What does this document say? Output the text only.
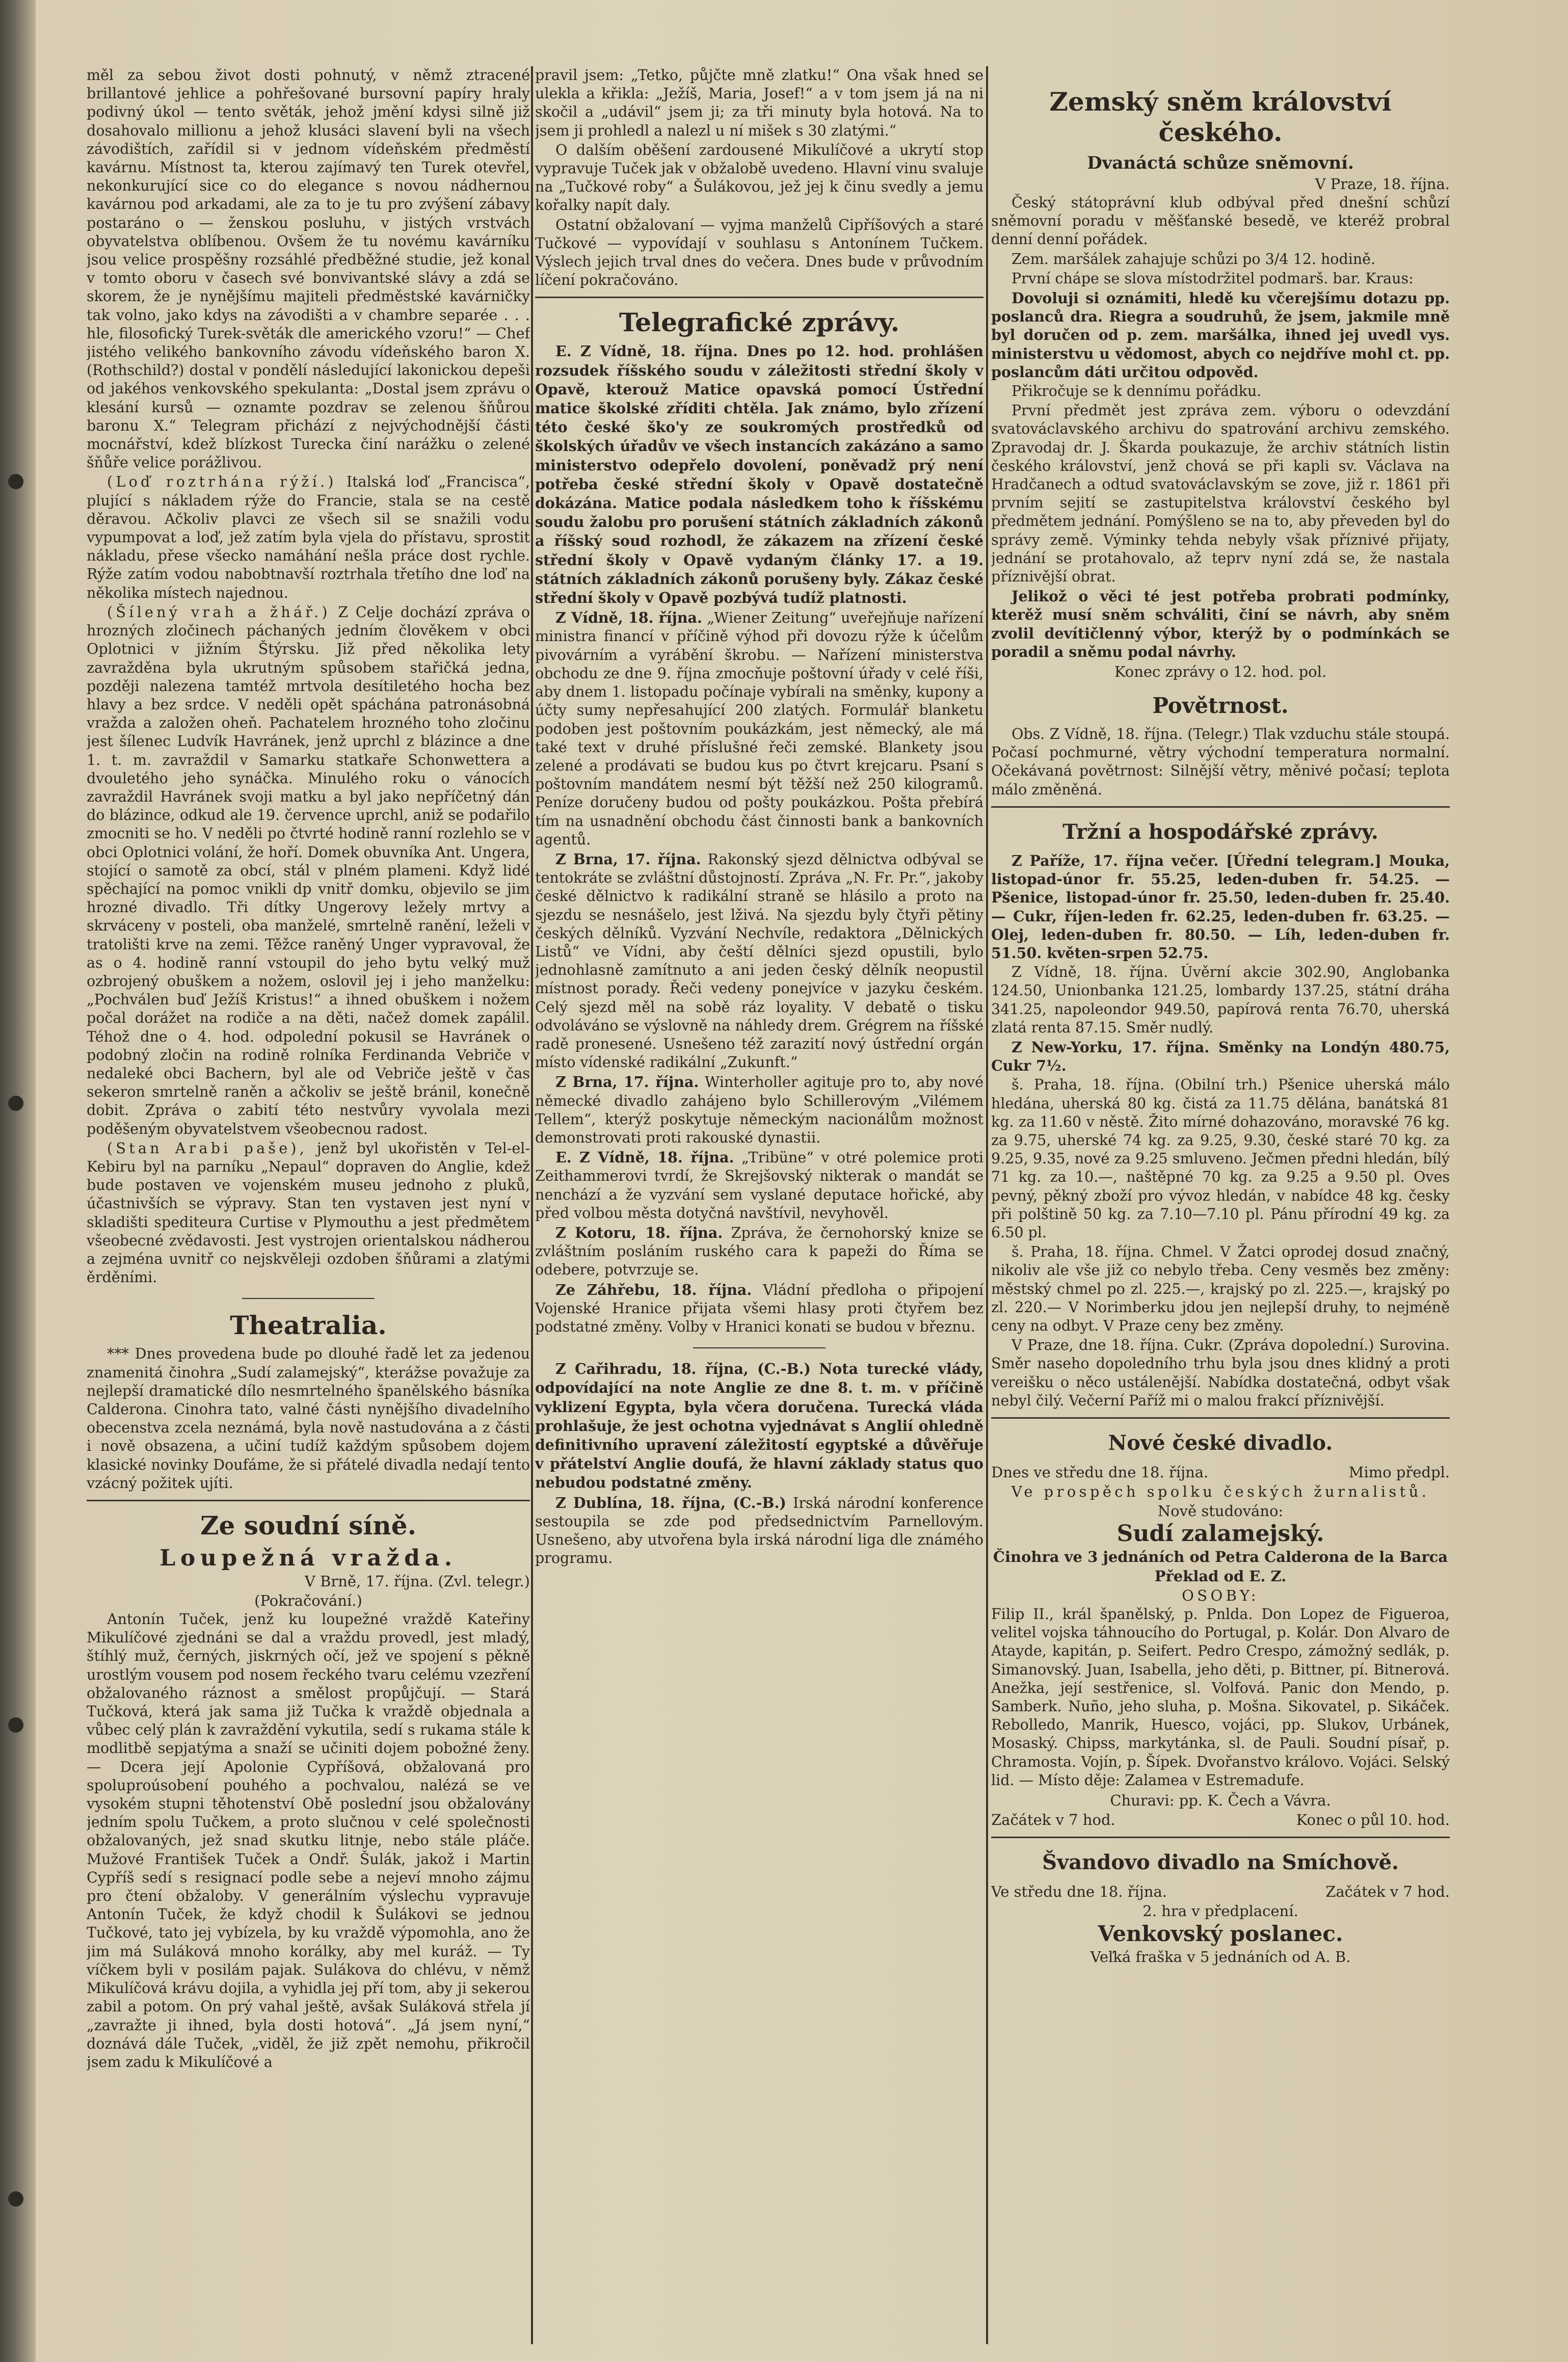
měl za sebou život dosti pohnutý, v němž ztracené brillantové jehlice a pohřešované bursovní papíry hraly podivný úkol — tento světák, jehož jmění kdysi silně již dosahovalo millionu a jehož klusáci slavení byli na všech závodištích, zařídil si v jednom vídeňském předměstí kavárnu. Místnost ta, kterou zajímavý ten Turek otevřel, nekonkurující sice co do elegance s novou nádhernou kavárnou pod arkadami, ale za to je tu pro zvýšení zábavy postaráno o — ženskou posluhu, v jistých vrstvách obyvatelstva oblíbenou. Ovšem že tu novému kavárníku jsou velice prospěšny rozsáhlé předběžné studie, jež konal v tomto oboru v časech své bonvivantské slávy a zdá se skorem, že je nynějšímu majiteli předměstské kavárničky tak volno, jako kdys na závodišti a v chambre separée . . . hle, filosofický Turek-světák dle amerického vzoru!“ — Chef jistého velikého bankovního závodu vídeňského baron X. (Rothschild?) dostal v pondělí následující lakonickou depeši od jakéhos venkovského spekulanta: „Dostal jsem zprávu o klesání kursů — oznamte pozdrav se zelenou šňůrou baronu X.“ Telegram přichází z nejvýchodnější části mocnářství, kdež blízkost Turecka činí narážku o zelené šňůře velice porážlivou.

(Loď roztrhána rýží.) Italská loď „Francisca“, plující s nákladem rýže do Francie, stala se na cestě děravou. Ačkoliv plavci ze všech sil se snažili vodu vypumpovat a loď, jež zatím byla vjela do přístavu, sprostit nákladu, přese všecko namáhání nešla práce dost rychle. Rýže zatím vodou nabobtnavší roztrhala třetího dne loď na několika místech najednou.

(Šílený vrah a žhář.) Z Celje dochází zpráva o hrozných zločinech páchaných jedním člověkem v obci Oplotnici v jižním Štýrsku. Již před několika lety zavražděna byla ukrutným spůsobem stařičká jedna, později nalezena tamtéž mrtvola desítiletého hocha bez hlavy a bez srdce. V neděli opět spáchána patronásobná vražda a založen oheň. Pachatelem hrozného toho zločinu jest šílenec Ludvík Havránek, jenž uprchl z blázince a dne 1. t. m. zavraždil v Samarku statkaře Schonwettera a dvouletého jeho synáčka. Minulého roku o vánocích zavraždil Havránek svoji matku a byl jako nepříčetný dán do blázince, odkud ale 19. července uprchl, aniž se podařilo zmocniti se ho. V neděli po čtvrté hodině ranní rozlehlo se v obci Oplotnici volání, že hoří. Domek obuvníka Ant. Ungera, stojící o samotě za obcí, stál v plném plameni. Když lidé spěchající na pomoc vnikli dp vnitř domku, objevilo se jim hrozné divadlo. Tři dítky Ungerovy ležely mrtvy a skrváceny v posteli, oba manželé, smrtelně ranění, leželi v tratolišti krve na zemi. Těžce raněný Unger vypravoval, že as o 4. hodině ranní vstoupil do jeho bytu velký muž ozbrojený obuškem a nožem, oslovil jej i jeho manželku: „Pochválen buď Ježíš Kristus!“ a ihned obuškem i nožem počal dorážet na rodiče a na děti, načež domek zapálil. Téhož dne o 4. hod. odpolední pokusil se Havránek o podobný zločin na rodině rolníka Ferdinanda Vebriče v nedaleké obci Bachern, byl ale od Vebriče ještě v čas sekeron smrtelně raněn a ačkoliv se ještě bránil, konečně dobit. Zpráva o zabití této nestvůry vyvolala mezi poděšeným obyvatelstvem všeobecnou radost.

(Stan Arabi paše), jenž byl ukořistěn v Tel-el-Kebiru byl na parníku „Nepaul“ dopraven do Anglie, kdež bude postaven ve vojenském museu jednoho z pluků, účastnivších se výpravy. Stan ten vystaven jest nyní v skladišti spediteura Curtise v Plymouthu a jest předmětem všeobecné zvědavosti. Jest vystrojen orientalskou nádherou a zejména uvnitř co nejskvěleji ozdoben šňůrami a zlatými ěrděními.

Theatralia.

*** Dnes provedena bude po dlouhé řadě let za jedenou znamenitá činohra „Sudí zalamejský“, kterážse považuje za nejlepší dramatické dílo nesmrtelného španělského básníka Calderona. Cinohra tato, valné části nynějšího divadelního obecenstva zcela neznámá, byla nově nastudována a z části i nově obsazena, a učiní tudíž každým spůsobem dojem klasické novinky Doufáme, že si přátelé divadla nedají tento vzácný požitek ujíti.

Ze soudní síně.
Loupežná vražda.
V Brně, 17. října. (Zvl. telegr.)
(Pokračování.)

Antonín Tuček, jenž ku loupežné vraždě Kateřiny Mikulíčové zjednáni se dal a vraždu provedl, jest mladý, štíhlý muž, černých, jiskrných očí, jež ve spojení s pěkně urostlým vousem pod nosem řeckého tvaru celému vzezření obžalovaného ráznost a smělost propůjčují. — Stará Tučková, která jak sama již Tučka k vraždě objednala a vůbec celý plán k zavraždění vykutila, sedí s rukama stále k modlitbě sepjatýma a snaží se učiniti dojem pobožné ženy. — Dcera její Apolonie Cypříšová, obžalovaná pro spoluproúsobení pouhého a pochvalou, nalézá se ve vysokém stupni těhotenství Obě poslední jsou obžalovány jedním spolu Tučkem, a proto slučnou v celé společnosti obžalovaných, jež snad skutku litnje, nebo stále pláče. Mužové František Tuček a Ondř. Šulák, jakož i Martin Cypříš sedí s resignací podle sebe a nejeví mnoho zájmu pro čtení obžaloby. V generálním výslechu vypravuje Antonín Tuček, že když chodil k Šulákovi se jednou Tučkové, tato jej vybízela, by ku vraždě výpomohla, ano že jim má Suláková mnoho korálky, aby mel kuráž. — Ty víčkem byli v posilám pajak. Sulákova do chlévu, v němž Mikulíčová krávu dojila, a vyhidla jej pří tom, aby ji sekerou zabil a potom. On prý vahal ještě, avšak Suláková střela jí „zavražte ji ihned, byla dosti hotová“. „Já jsem nyní,“ doznává dále Tuček, „viděl, že již zpět nemohu, přikročil jsem zadu k Mikulíčové a

pravil jsem: „Tetko, půjčte mně zlatku!“ Ona však hned se ulekla a křikla: „Ježíš, Maria, Josef!“ a v tom jsem já na ni skočil a „udávil“ jsem ji; za tři minuty byla hotová. Na to jsem ji prohledl a nalezl u ní mišek s 30 zlatými.“

O dalším oběšení zardousené Mikulíčové a ukrytí stop vypravuje Tuček jak v obžalobě uvedeno. Hlavní vinu svaluje na „Tučkové roby“ a Šulákovou, jež jej k činu svedly a jemu kořalky napít daly.

Ostatní obžalovaní — vyjma manželů Cipříšových a staré Tučkové — vypovídají v souhlasu s Antonínem Tučkem. Výslech jejich trval dnes do večera. Dnes bude v průvodním líčení pokračováno.

Telegrafické zprávy.

E. Z Vídně, 18. října. Dnes po 12. hod. prohlášen rozsudek říšského soudu v záležitosti střední školy v Opavě, kterouž Matice opavská pomocí Ústřední matice školské zříditi chtěla. Jak známo, bylo zřízení této české ško'y ze soukromých prostředků od školských úřadův ve všech instancích zakázáno a samo ministerstvo odepřelo dovolení, poněvadž prý není potřeba české střední školy v Opavě dostatečně dokázána. Matice podala následkem toho k říšskému soudu žalobu pro porušení státních základních zákonů a říšský soud rozhodl, že zákazem na zřízení české střední školy v Opavě vydaným články 17. a 19. státních základních zákonů porušeny byly. Zákaz české střední školy v Opavě pozbývá tudíž platnosti.

Z Vídně, 18. října. „Wiener Zeitung“ uveřejňuje nařízení ministra financí v příčině výhod při dovozu rýže k účelům pivovárním a vyrábění škrobu. — Nařízení ministerstva obchodu ze dne 9. října zmocňuje poštovní úřady v celé říši, aby dnem 1. listopadu počínaje vybírali na směnky, kupony a účty sumy nepřesahující 200 zlatých. Formulář blanketu podoben jest poštovním poukázkám, jest německý, ale má také text v druhé příslušné řeči zemské. Blankety jsou zelené a prodávati se budou kus po čtvrt krejcaru. Psaní s poštovním mandátem nesmí být těžší než 250 kilogramů. Peníze doručeny budou od pošty poukázkou. Pošta přebírá tím na usnadnění obchodu část činnosti bank a bankovních agentů.

Z Brna, 17. října. Rakonský sjezd dělnictva odbýval se tentokráte se zvláštní důstojností. Zpráva „N. Fr. Pr.“, jakoby české dělnictvo k radikální straně se hlásilo a proto na sjezdu se nesnášelo, jest lživá. Na sjezdu byly čtyři pětiny českých dělníků. Vyzvání Nechvíle, redaktora „Dělnických Listů“ ve Vídni, aby čeští dělníci sjezd opustili, bylo jednohlasně zamítnuto a ani jeden český dělník neopustil místnost porady. Řeči vedeny ponejvíce v jazyku českém. Celý sjezd měl na sobě ráz loyality. V debatě o tisku odvoláváno se výslovně na náhledy drem. Grégrem na říšské radě pronesené. Usnešeno též zarazití nový ústřední orgán místo vídenské radikální „Zukunft.“

Z Brna, 17. října. Winterholler agituje pro to, aby nové německé divadlo zahájeno bylo Schillerovým „Vilémem Tellem“, kterýž poskytuje německým nacionálům možnost demonstrovati proti rakouské dynastii.

E. Z Vídně, 18. října. „Tribüne“ v otré polemice proti Zeithammerovi tvrdí, že Skrejšovský nikterak o mandát se nenchází a že vyzvání sem vyslané deputace hořické, aby před volbou města dotyčná navštívil, nevyhověl.

Z Kotoru, 18. října. Zpráva, že černohorský knize se zvláštním posláním ruského cara k papeži do Říma se odebere, potvrzuje se.

Ze Záhřebu, 18. října. Vládní předloha o připojení Vojenské Hranice přijata všemi hlasy proti čtyřem bez podstatné změny. Volby v Hranici konati se budou v březnu.

Z Cařihradu, 18. října, (C.-B.) Nota turecké vlády, odpovídající na note Anglie ze dne 8. t. m. v příčině vyklizení Egypta, byla včera doručena. Turecká vláda prohlašuje, že jest ochotna vyjednávat s Anglií ohledně definitivního upravení záležitostí egyptské a důvěřuje v přátelství Anglie doufá, že hlavní základy status quo nebudou podstatné změny.

Z Dublína, 18. října, (C.-B.) Irská národní konference sestoupila se zde pod předsednictvím Parnellovým. Usnešeno, aby utvořena byla irská národní liga dle známého programu.

Zemský sněm království českého.
Dvanáctá schůze sněmovní.
V Praze, 18. října.

Český státoprávní klub odbýval před dnešní schůzí sněmovní poradu v měšťanské besedě, ve kteréž probral denní denní pořádek.

Zem. maršálek zahajuje schůzi po 3/4 12. hodině.

První chápe se slova místodržitel podmarš. bar. Kraus:

Dovoluji si oznámiti, hledě ku včerejšímu dotazu pp. poslanců dra. Riegra a soudruhů, že jsem, jakmile mně byl doručen od p. zem. maršálka, ihned jej uvedl vys. ministerstvu u vědomost, abych co nejdříve mohl ct. pp. poslancům dáti určitou odpověd.

Přikročuje se k dennímu pořádku.

První předmět jest zpráva zem. výboru o odevzdání svatováclavského archivu do spatrování archivu zemského. Zpravodaj dr. J. Škarda poukazuje, že archiv státních listin českého království, jenž chová se při kapli sv. Václava na Hradčanech a odtud svatováclavským se zove, již r. 1861 při prvním sejití se zastupitelstva království českého byl předmětem jednání. Pomýšleno se na to, aby převeden byl do správy země. Výminky tehda nebyly však příznivé přijaty, jednání se protahovalo, až teprv nyní zdá se, že nastala příznivější obrat.

Jelikož o věci té jest potřeba probrati podmínky, kterěž musí sněm schváliti, činí se návrh, aby sněm zvolil devítičlenný výbor, kterýž by o podmínkách se poradil a sněmu podal návrhy.

Konec zprávy o 12. hod. pol.
Povětrnost.

Obs. Z Vídně, 18. října. (Telegr.) Tlak vzduchu stále stoupá. Počasí pochmurné, větry východní temperatura normalní. Očekávaná povětrnost: Silnější větry, měnivé počasí; teplota málo změněná.

Tržní a hospodářské zprávy.

Z Paříže, 17. října večer. [Úřední telegram.] Mouka, listopad-únor fr. 55.25, leden-duben fr. 54.25. — Pšenice, listopad-únor fr. 25.50, leden-duben fr. 25.40. — Cukr, říjen-leden fr. 62.25, leden-duben fr. 63.25. — Olej, leden-duben fr. 80.50. — Líh, leden-duben fr. 51.50. květen-srpen 52.75.

Z Vídně, 18. října. Úvěrní akcie 302.90, Anglobanka 124.50, Unionbanka 121.25, lombardy 137.25, státní dráha 341.25, napoleondor 949.50, papírová renta 76.70, uherská zlatá renta 87.15. Směr nudlý.

Z New-Yorku, 17. října. Směnky na Londýn 480.75, Cukr 7½.

š. Praha, 18. října. (Obilní trh.) Pšenice uherská málo hledána, uherská 80 kg. čistá za 11.75 dělána, banátská 81 kg. za 11.60 v něstě. Žito mírné dohazováno, moravské 76 kg. za 9.75, uherské 74 kg. za 9.25, 9.30, české staré 70 kg. za 9.25, 9.35, nové za 9.25 smluveno. Ječmen předni hledán, bílý 71 kg. za 10.—, naštěpné 70 kg. za 9.25 a 9.50 pl. Oves pevný, pěkný zboží pro vývoz hledán, v nabídce 48 kg. česky při polštině 50 kg. za 7.10—7.10 pl. Pánu přírodní 49 kg. za 6.50 pl.

š. Praha, 18. října. Chmel. V Žatci oprodej dosud značný, nikoliv ale vše již co nebylo třeba. Ceny vesměs bez změny: městský chmel po zl. 225.—, krajský po zl. 225.—, krajský po zl. 220.— V Norimberku jdou jen nejlepší druhy, to nejméně ceny na odbyt. V Praze ceny bez změny.

V Praze, dne 18. října. Cukr. (Zpráva dopolední.) Surovina. Směr naseho dopoledního trhu byla jsou dnes klidný a proti vereišku o něco ustálenější. Nabídka dostatečná, odbyt však nebyl čilý. Večerní Paříž mi o malou frakcí příznivější.

Nové české divadlo.
Dnes ve středu dne 18. října.	Mimo předpl.
Ve prospěch spolku českých žurnalistů.
Nově studováno:
Sudí zalamejský.
Činohra ve 3 jednáních od Petra Calderona de la Barca
Překlad od E. Z.
OSOBY:

Filip II., král španělský, p. Pnlda. Don Lopez de Figueroa, velitel vojska táhnoucího do Portugal, p. Kolár. Don Alvaro de Atayde, kapitán, p. Seifert. Pedro Crespo, zámožný sedlák, p. Simanovský. Juan, Isabella, jeho děti, p. Bittner, pí. Bitnerová. Anežka, její sestřenice, sl. Volfová. Panic don Mendo, p. Samberk. Nuño, jeho sluha, p. Mošna. Sikovatel, p. Sikáček. Rebolledo, Manrik, Huesco, vojáci, pp. Slukov, Urbánek, Mosaský. Chipss, markytánka, sl. de Pauli. Soudní písař, p. Chramosta. Vojín, p. Šípek. Dvořanstvo královo. Vojáci. Selský lid. — Místo děje: Zalamea v Estremadufe.

Churavi: pp. K. Čech a Vávra.
Začátek v 7 hod.	Konec o půl 10. hod.
Švandovo divadlo na Smíchově.
Ve středu dne 18. října.	Začátek v 7 hod.
2. hra v předplacení.
Venkovský poslanec.
Veľká fraška v 5 jednáních od A. B.
